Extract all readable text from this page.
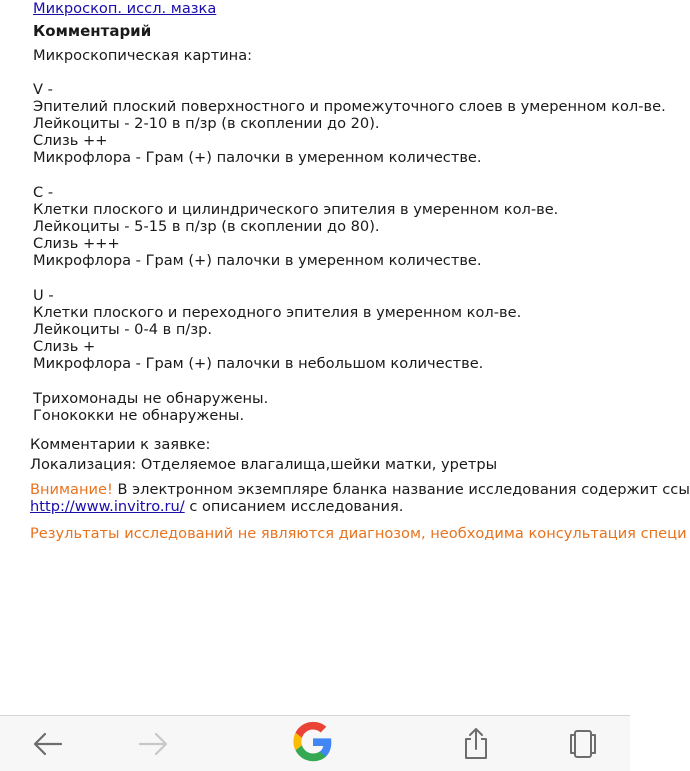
Микроскоп. иссл. мазка
Комментарий
Микроскопическая картина:
V -
Эпителий плоский поверхностного и промежуточного слоев в умеренном кол-ве.
Лейкоциты - 2-10 в п/зр (в скоплении до 20).
Слизь ++
Микрофлора - Грам (+) палочки в умеренном количестве.
C -
Клетки плоского и цилиндрического эпителия в умеренном кол-ве.
Лейкоциты - 5-15 в п/зр (в скоплении до 80).
Слизь +++
Микрофлора - Грам (+) палочки в умеренном количестве.
U -
Клетки плоского и переходного эпителия в умеренном кол-ве.
Лейкоциты - 0-4 в п/зр.
Слизь +
Микрофлора - Грам (+) палочки в небольшом количестве.
Трихомонады не обнаружены.
Гонококки не обнаружены.
Комментарии к заявке:
Локализация: Отделяемое влагалища,шейки матки, уретры
Внимание! В электронном экземпляре бланка название исследования содержит ссы
http://www.invitro.ru/ с описанием исследования.
Результаты исследований не являются диагнозом, необходима консультация специ
